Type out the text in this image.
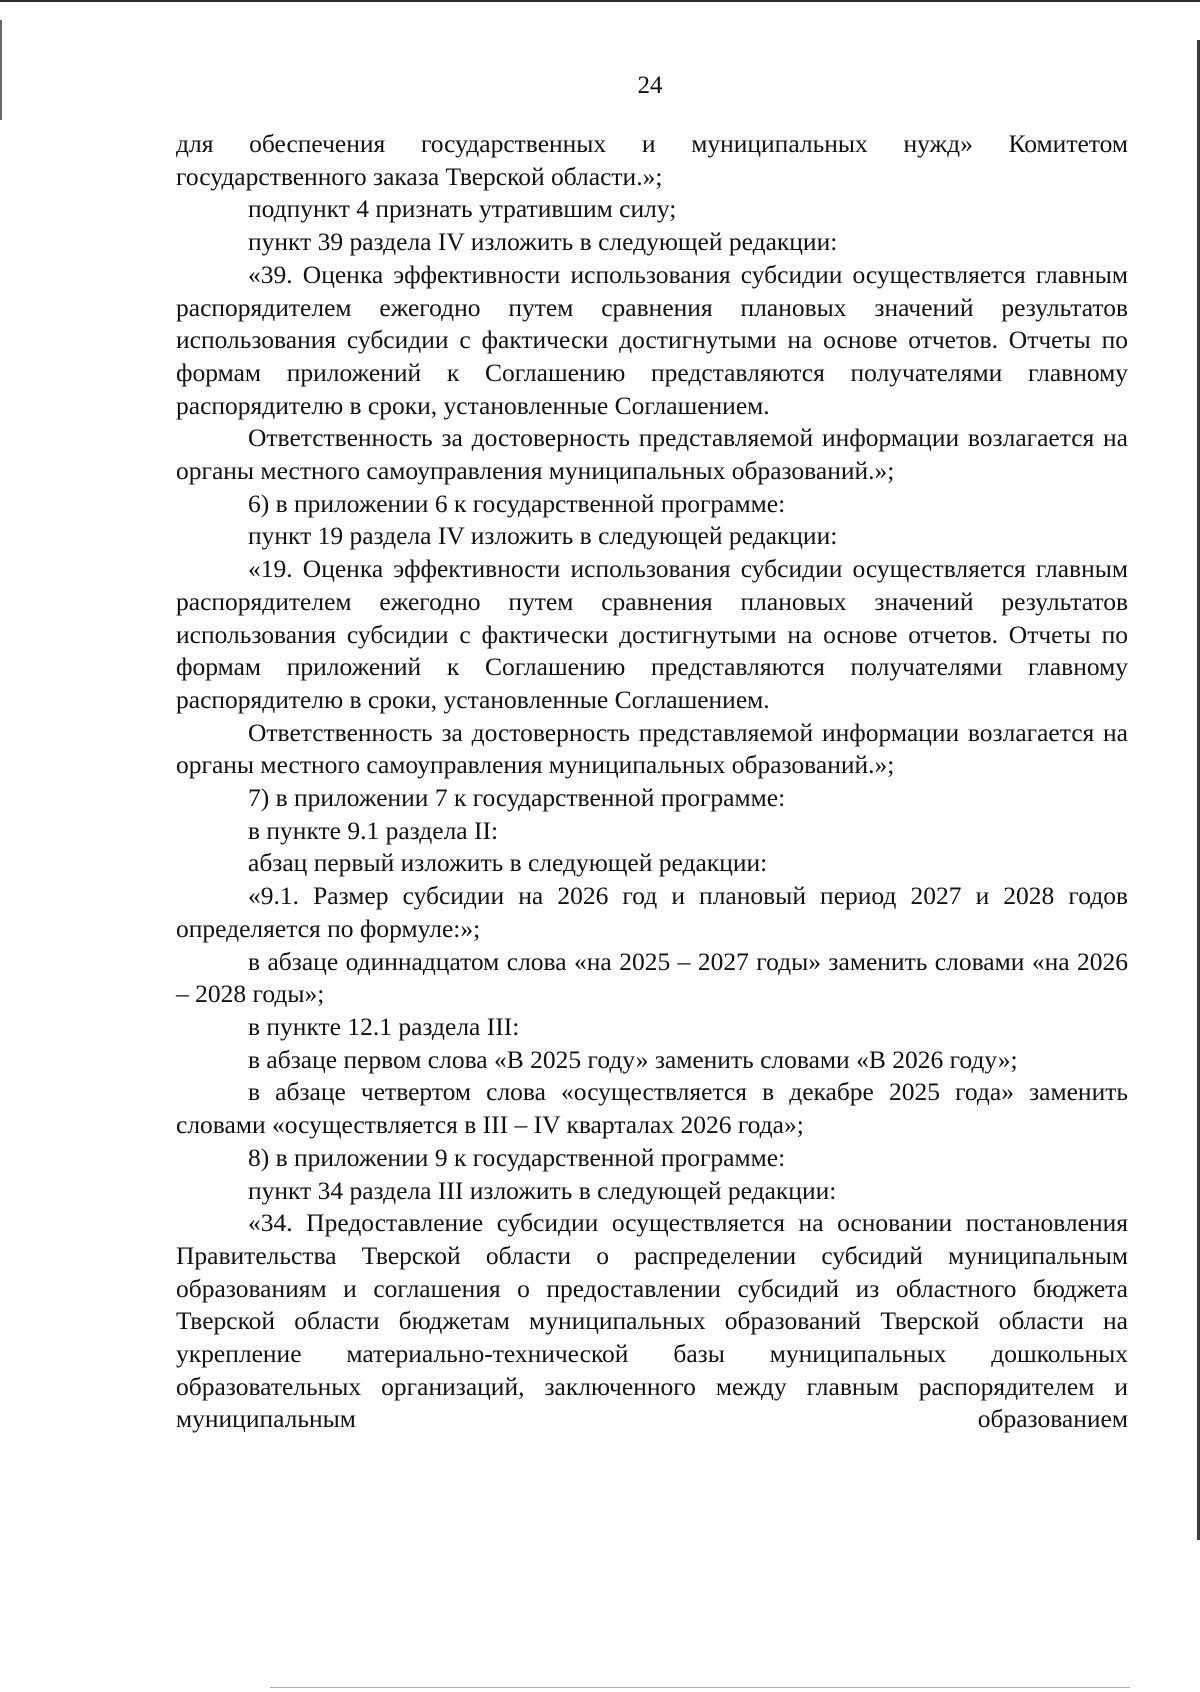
24

для обеспечения государственных и муниципальных нужд» Комитетом государственного заказа Тверской области.»;

подпункт 4 признать утратившим силу;

пункт 39 раздела IV изложить в следующей редакции:

«39. Оценка эффективности использования субсидии осуществляется главным распорядителем ежегодно путем сравнения плановых значений результатов использования субсидии с фактически достигнутыми на основе отчетов. Отчеты по формам приложений к Соглашению представляются получателями главному распорядителю в сроки, установленные Соглашением.

Ответственность за достоверность представляемой информации возлагается на органы местного самоуправления муниципальных образований.»;

6) в приложении 6 к государственной программе:

пункт 19 раздела IV изложить в следующей редакции:

«19. Оценка эффективности использования субсидии осуществляется главным распорядителем ежегодно путем сравнения плановых значений результатов использования субсидии с фактически достигнутыми на основе отчетов. Отчеты по формам приложений к Соглашению представляются получателями главному распорядителю в сроки, установленные Соглашением.

Ответственность за достоверность представляемой информации возлагается на органы местного самоуправления муниципальных образований.»;

7) в приложении 7 к государственной программе:

в пункте 9.1 раздела II:

абзац первый изложить в следующей редакции:

«9.1. Размер субсидии на 2026 год и плановый период 2027 и 2028 годов определяется по формуле:»;

в абзаце одиннадцатом слова «на 2025 – 2027 годы» заменить словами «на 2026 – 2028 годы»;

в пункте 12.1 раздела III:

в абзаце первом слова «В 2025 году» заменить словами «В 2026 году»;

в абзаце четвертом слова «осуществляется в декабре 2025 года» заменить словами «осуществляется в III – IV кварталах 2026 года»;

8) в приложении 9 к государственной программе:

пункт 34 раздела III изложить в следующей редакции:

«34. Предоставление субсидии осуществляется на основании постановления Правительства Тверской области о распределении субсидий муниципальным образованиям и соглашения о предоставлении субсидий из областного бюджета Тверской области бюджетам муниципальных образований Тверской области на укрепление материально-технической базы муниципальных дошкольных образовательных организаций, заключенного между главным распорядителем и муниципальным образованием
